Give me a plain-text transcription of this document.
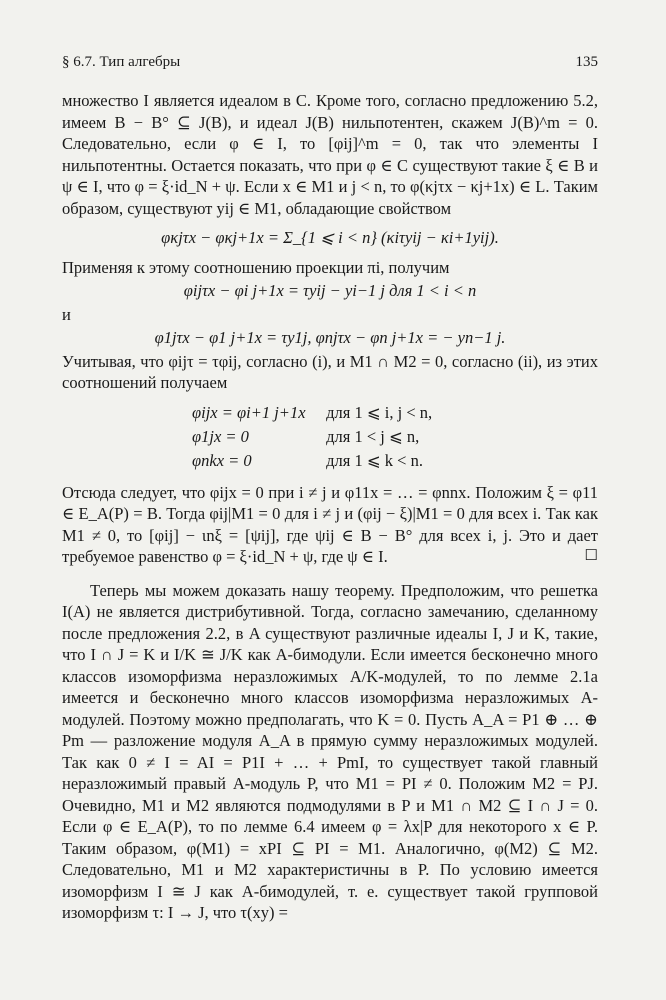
§ 6.7. Тип алгебры	135

множество I является идеалом в C. Кроме того, согласно предложению 5.2, имеем B − B° ⊆ J(B), и идеал J(B) нильпотентен, скажем J(B)^m = 0. Следовательно, если φ ∈ I, то [φij]^m = 0, так что элементы I нильпотентны. Остается показать, что при φ ∈ C существуют такие ξ ∈ B и ψ ∈ I, что φ = ξ·id_N + ψ. Если x ∈ M1 и j < n, то φ(κjτx − κj+1x) ∈ L. Таким образом, существуют yij ∈ M1, обладающие свойством

φκjτx − φκj+1x = Σ_{1 ⩽ i < n} (κiτyij − κi+1yij).

Применяя к этому соотношению проекции πi, получим

φijτx − φi j+1x = τyij − yi−1 j для 1 < i < n

и

φ1jτx − φ1 j+1x = τy1j, φnjτx − φn j+1x = − yn−1 j.

Учитывая, что φijτ = τφij, согласно (i), и M1 ∩ M2 = 0, согласно (ii), из этих соотношений получаем

φijx = φi+1 j+1x для 1 ⩽ i, j < n,
φ1jx = 0	для 1 < j ⩽ n,
φnkx = 0	для 1 ⩽ k < n.

Отсюда следует, что φijx = 0 при i ≠ j и φ11x = … = φnnx. Положим ξ = φ11 ∈ E_A(P) = B. Тогда φij|M1 = 0 для i ≠ j и (φij − ξ)|M1 = 0 для всех i. Так как M1 ≠ 0, то [φij] − ιnξ = [ψij], где ψij ∈ B − B° для всех i, j. Это и дает требуемое равенство φ = ξ·id_N + ψ, где ψ ∈ I.	☐

Теперь мы можем доказать нашу теорему. Предположим, что решетка I(A) не является дистрибутивной. Тогда, согласно замечанию, сделанному после предложения 2.2, в A существуют различные идеалы I, J и K, такие, что I ∩ J = K и I/K ≅ J/K как A-бимодули. Если имеется бесконечно много классов изоморфизма неразложимых A/K-модулей, то по лемме 2.1a имеется и бесконечно много классов изоморфизма неразложимых A-модулей. Поэтому можно предполагать, что K = 0. Пусть A_A = P1 ⊕ … ⊕ Pm — разложение модуля A_A в прямую сумму неразложимых модулей. Так как 0 ≠ I = AI = P1I + … + PmI, то существует такой главный неразложимый правый A-модуль P, что M1 = PI ≠ 0. Положим M2 = PJ. Очевидно, M1 и M2 являются подмодулями в P и M1 ∩ M2 ⊆ I ∩ J = 0. Если φ ∈ E_A(P), то по лемме 6.4 имеем φ = λx|P для некоторого x ∈ P. Таким образом, φ(M1) = xPI ⊆ PI = M1. Аналогично, φ(M2) ⊆ M2. Следовательно, M1 и M2 характеристичны в P. По условию имеется изоморфизм I ≅ J как A-бимодулей, т. е. существует такой групповой изоморфизм τ: I → J, что τ(xy) =
